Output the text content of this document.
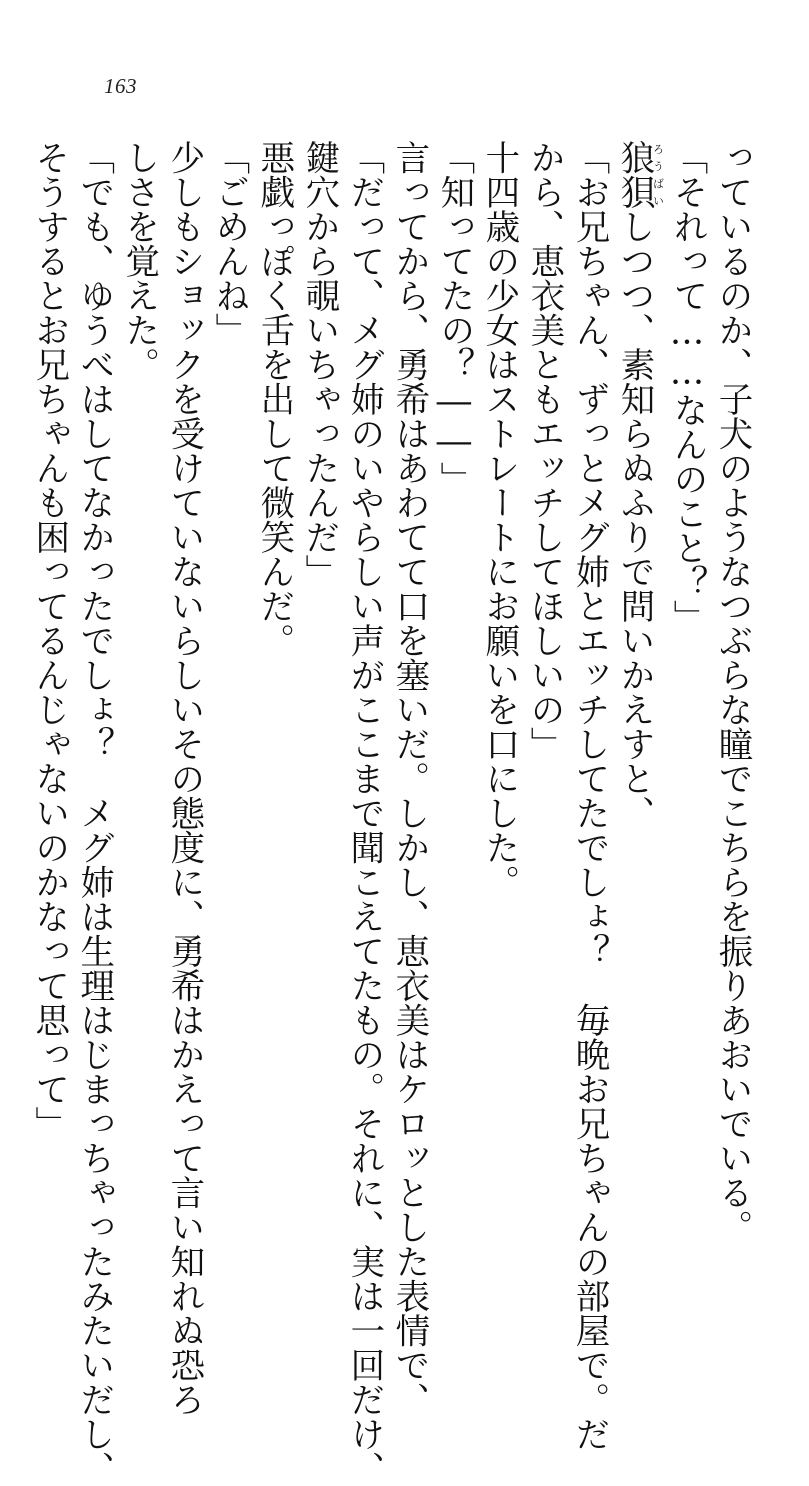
163
っているのか、子犬のようなつぶらな瞳でこちらを振りあおいでいる。
「それって……なんのこと？」
狼狽ろうばいしつつ、素知らぬふりで問いかえすと、
「お兄ちゃん、ずっとメグ姉とエッチしてたでしょ？　毎晩お兄ちゃんの部屋で。だ
から、恵衣美ともエッチしてほしいの」
十四歳の少女はストレートにお願いを口にした。
「知ってたの？――」
言ってから、勇希はあわてて口を塞いだ。しかし、恵衣美はケロッとした表情で、
「だって、メグ姉のいやらしい声がここまで聞こえてたもの。それに、実は一回だけ、
鍵穴から覗いちゃったんだ」
悪戯っぽく舌を出して微笑んだ。
「ごめんね」
少しもショックを受けていないらしいその態度に、勇希はかえって言い知れぬ恐ろ
しさを覚えた。
「でも、ゆうべはしてなかったでしょ？　メグ姉は生理はじまっちゃったみたいだし、
そうするとお兄ちゃんも困ってるんじゃないのかなって思って」
